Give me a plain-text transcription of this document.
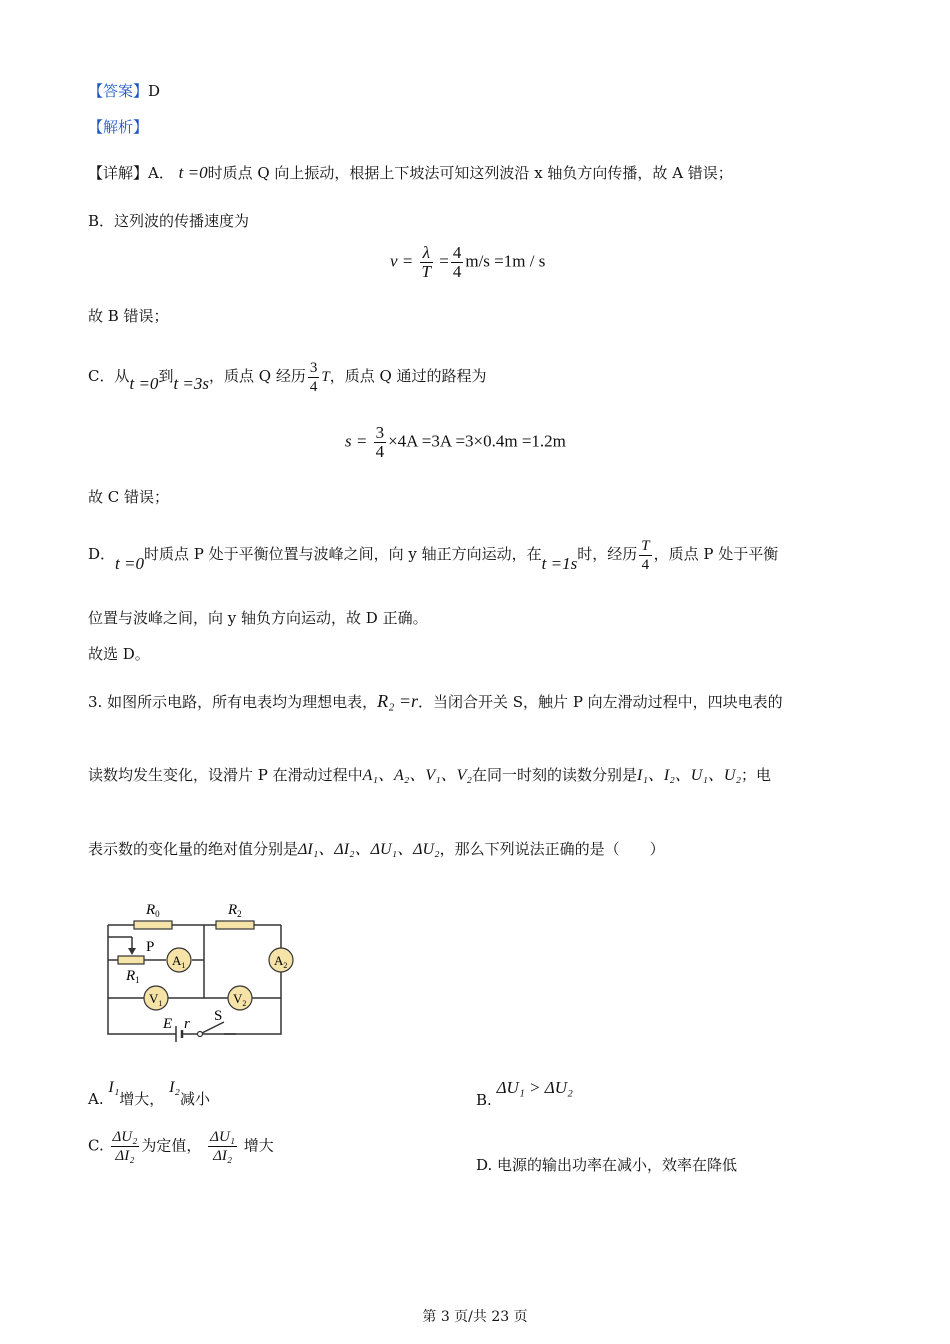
【答案】D
【解析】
【详解】A． t =0时质点 Q 向上振动，根据上下坡法可知这列波沿 x 轴负方向传播，故 A 错误；
B．这列波的传播速度为
$v = \frac{\lambda}{T} = \frac{4}{4} m/s =1m / s$
故 B 错误；
C．从t =0到t =3s，质点 Q 经历 $\frac{3}{4}$ T，质点 Q 通过的路程为
$s = \frac{3}{4} \times 4A =3A =3\times 0.4m =1.2m$
故 C 错误；
D．t =0时质点 P 处于平衡位置与波峰之间，向 y 轴正方向运动，在t =1s时，经历 $\frac{T}{4}$ ，质点 P 处于平衡
位置与波峰之间，向 y 轴负方向运动，故 D 正确。
故选 D。
3. 如图所示电路，所有电表均为理想电表，R₂ =r．当闭合开关 S，触片 P 向左滑动过程中，四块电表的
读数均发生变化，设滑片 P 在滑动过程中A₁、A₂、V₁、V₂在同一时刻的读数分别是I₁、I₂、U₁、U₂；电
表示数的变化量的绝对值分别是ΔI₁、ΔI₂、ΔU₁、ΔU₂，那么下列说法正确的是（　　）
$R_0$	$R_2$
P
$R_1$
$A_1$	$A_2$
$V_1$	$V_2$
E r S
A. I₁增大， I₂减小	B. ΔU₁ > ΔU₂
C. $\frac{\text{ΔU₂}}{\text{ΔI₂}}$ 为定值， $\frac{\text{ΔU₁}}{\text{ΔI₂}}$ 增大
D. 电源的输出功率在减小，效率在降低
第 3 页/共 23 页
